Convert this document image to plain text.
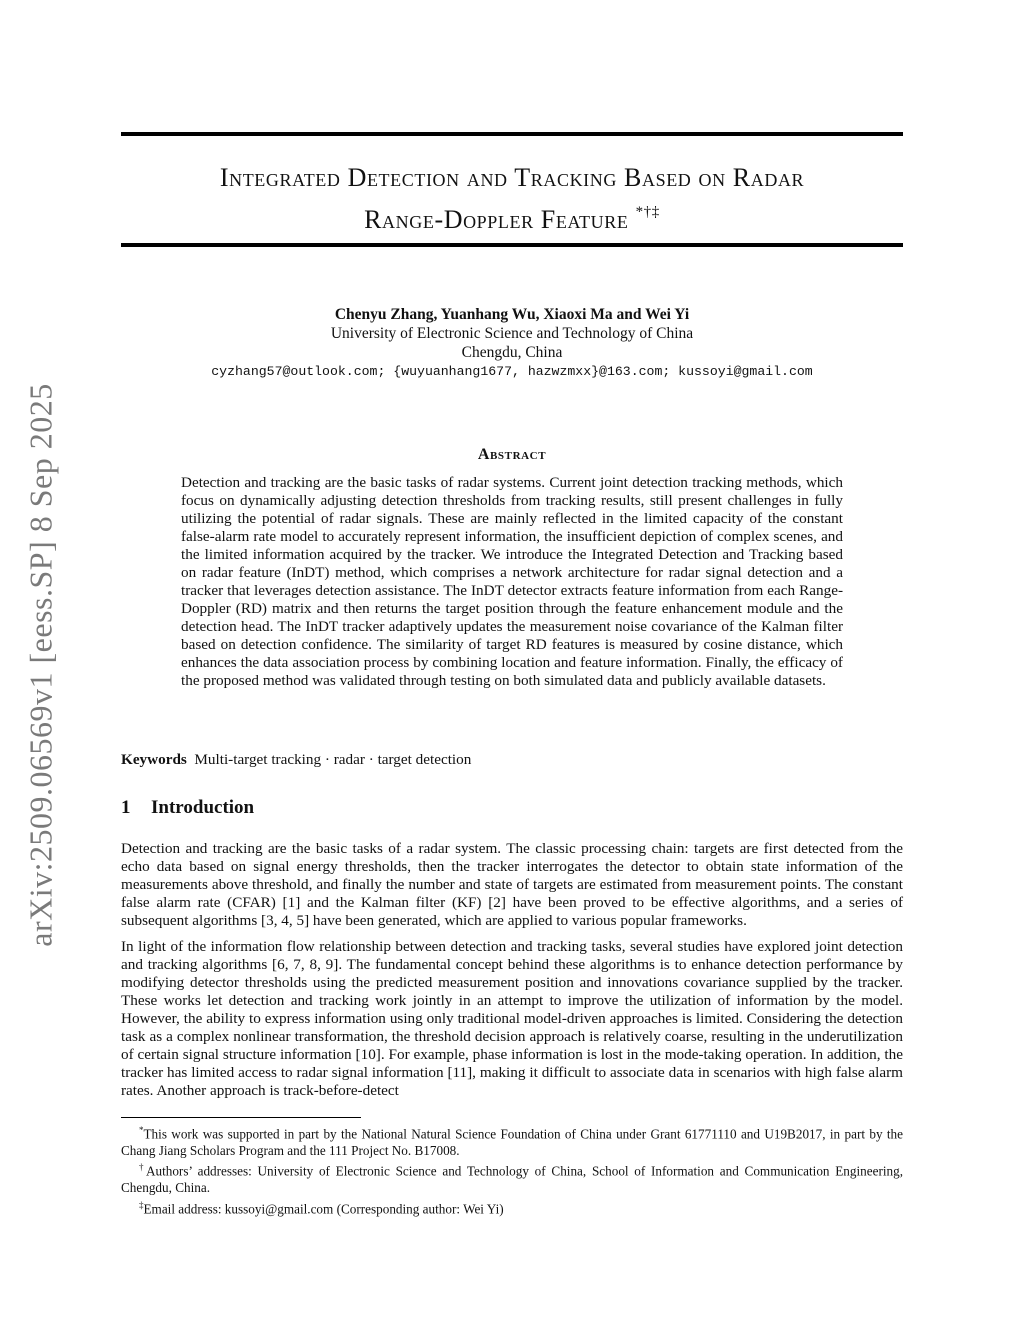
arXiv:2509.06569v1 [eess.SP] 8 Sep 2025
Integrated Detection and Tracking Based on Radar
Range-Doppler Feature *†‡
Chenyu Zhang, Yuanhang Wu, Xiaoxi Ma and Wei Yi
University of Electronic Science and Technology of China
Chengdu, China
cyzhang57@outlook.com; {wuyuanhang1677, hazwzmxx}@163.com; kussoyi@gmail.com
Abstract

Detection and tracking are the basic tasks of radar systems. Current joint detection tracking methods, which focus on dynamically adjusting detection thresholds from tracking results, still present challenges in fully utilizing the potential of radar signals. These are mainly reflected in the limited capacity of the constant false-alarm rate model to accurately represent information, the insufficient depiction of complex scenes, and the limited information acquired by the tracker. We introduce the Integrated Detection and Tracking based on radar feature (InDT) method, which comprises a network architecture for radar signal detection and a tracker that leverages detection assistance. The InDT detector extracts feature information from each Range-Doppler (RD) matrix and then returns the target position through the feature enhancement module and the detection head. The InDT tracker adaptively updates the measurement noise covariance of the Kalman filter based on detection confidence. The similarity of target RD features is measured by cosine distance, which enhances the data association process by combining location and feature information. Finally, the efficacy of the proposed method was validated through testing on both simulated data and publicly available datasets.

Keywords Multi-target tracking · radar · target detection
1 Introduction

Detection and tracking are the basic tasks of a radar system. The classic processing chain: targets are first detected from the echo data based on signal energy thresholds, then the tracker interrogates the detector to obtain state information of the measurements above threshold, and finally the number and state of targets are estimated from measurement points. The constant false alarm rate (CFAR) [1] and the Kalman filter (KF) [2] have been proved to be effective algorithms, and a series of subsequent algorithms [3, 4, 5] have been generated, which are applied to various popular frameworks.

In light of the information flow relationship between detection and tracking tasks, several studies have explored joint detection and tracking algorithms [6, 7, 8, 9]. The fundamental concept behind these algorithms is to enhance detection performance by modifying detector thresholds using the predicted measurement position and innovations covariance supplied by the tracker. These works let detection and tracking work jointly in an attempt to improve the utilization of information by the model. However, the ability to express information using only traditional model-driven approaches is limited. Considering the detection task as a complex nonlinear transformation, the threshold decision approach is relatively coarse, resulting in the underutilization of certain signal structure information [10]. For example, phase information is lost in the mode-taking operation. In addition, the tracker has limited access to radar signal information [11], making it difficult to associate data in scenarios with high false alarm rates. Another approach is track-before-detect

*This work was supported in part by the National Natural Science Foundation of China under Grant 61771110 and U19B2017, in part by the Chang Jiang Scholars Program and the 111 Project No. B17008.

†Authors’ addresses: University of Electronic Science and Technology of China, School of Information and Communication Engineering, Chengdu, China.

‡Email address: kussoyi@gmail.com (Corresponding author: Wei Yi)
